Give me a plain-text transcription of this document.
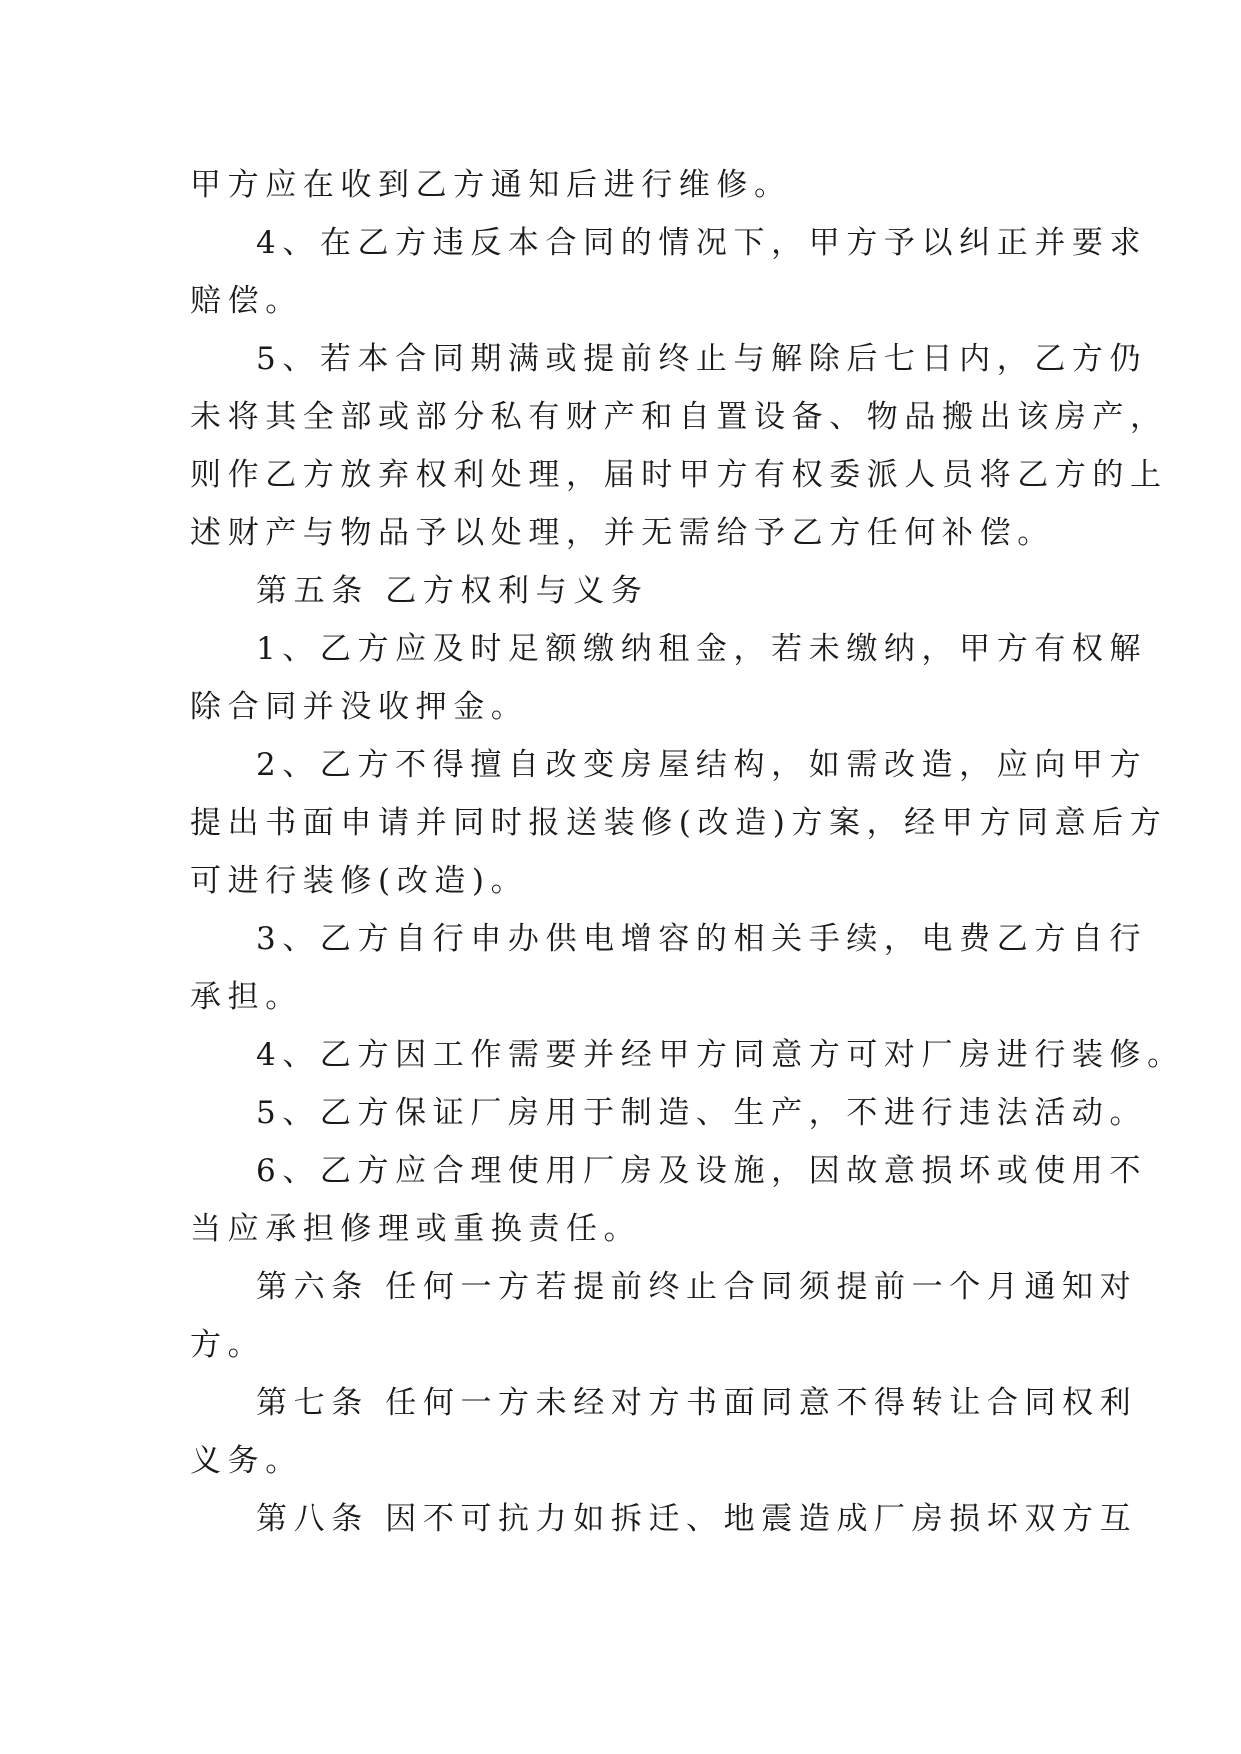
甲方应在收到乙方通知后进行维修。
4、在乙方违反本合同的情况下，甲方予以纠正并要求
赔偿。
5、若本合同期满或提前终止与解除后七日内，乙方仍
未将其全部或部分私有财产和自置设备、物品搬出该房产，
则作乙方放弃权利处理，届时甲方有权委派人员将乙方的上
述财产与物品予以处理，并无需给予乙方任何补偿。
第五条 乙方权利与义务
1、乙方应及时足额缴纳租金，若未缴纳，甲方有权解
除合同并没收押金。
2、乙方不得擅自改变房屋结构，如需改造，应向甲方
提出书面申请并同时报送装修(改造)方案，经甲方同意后方
可进行装修(改造)。
3、乙方自行申办供电增容的相关手续，电费乙方自行
承担。
4、乙方因工作需要并经甲方同意方可对厂房进行装修。
5、乙方保证厂房用于制造、生产，不进行违法活动。
6、乙方应合理使用厂房及设施，因故意损坏或使用不
当应承担修理或重换责任。
第六条 任何一方若提前终止合同须提前一个月通知对
方。
第七条 任何一方未经对方书面同意不得转让合同权利
义务。
第八条 因不可抗力如拆迁、地震造成厂房损坏双方互
